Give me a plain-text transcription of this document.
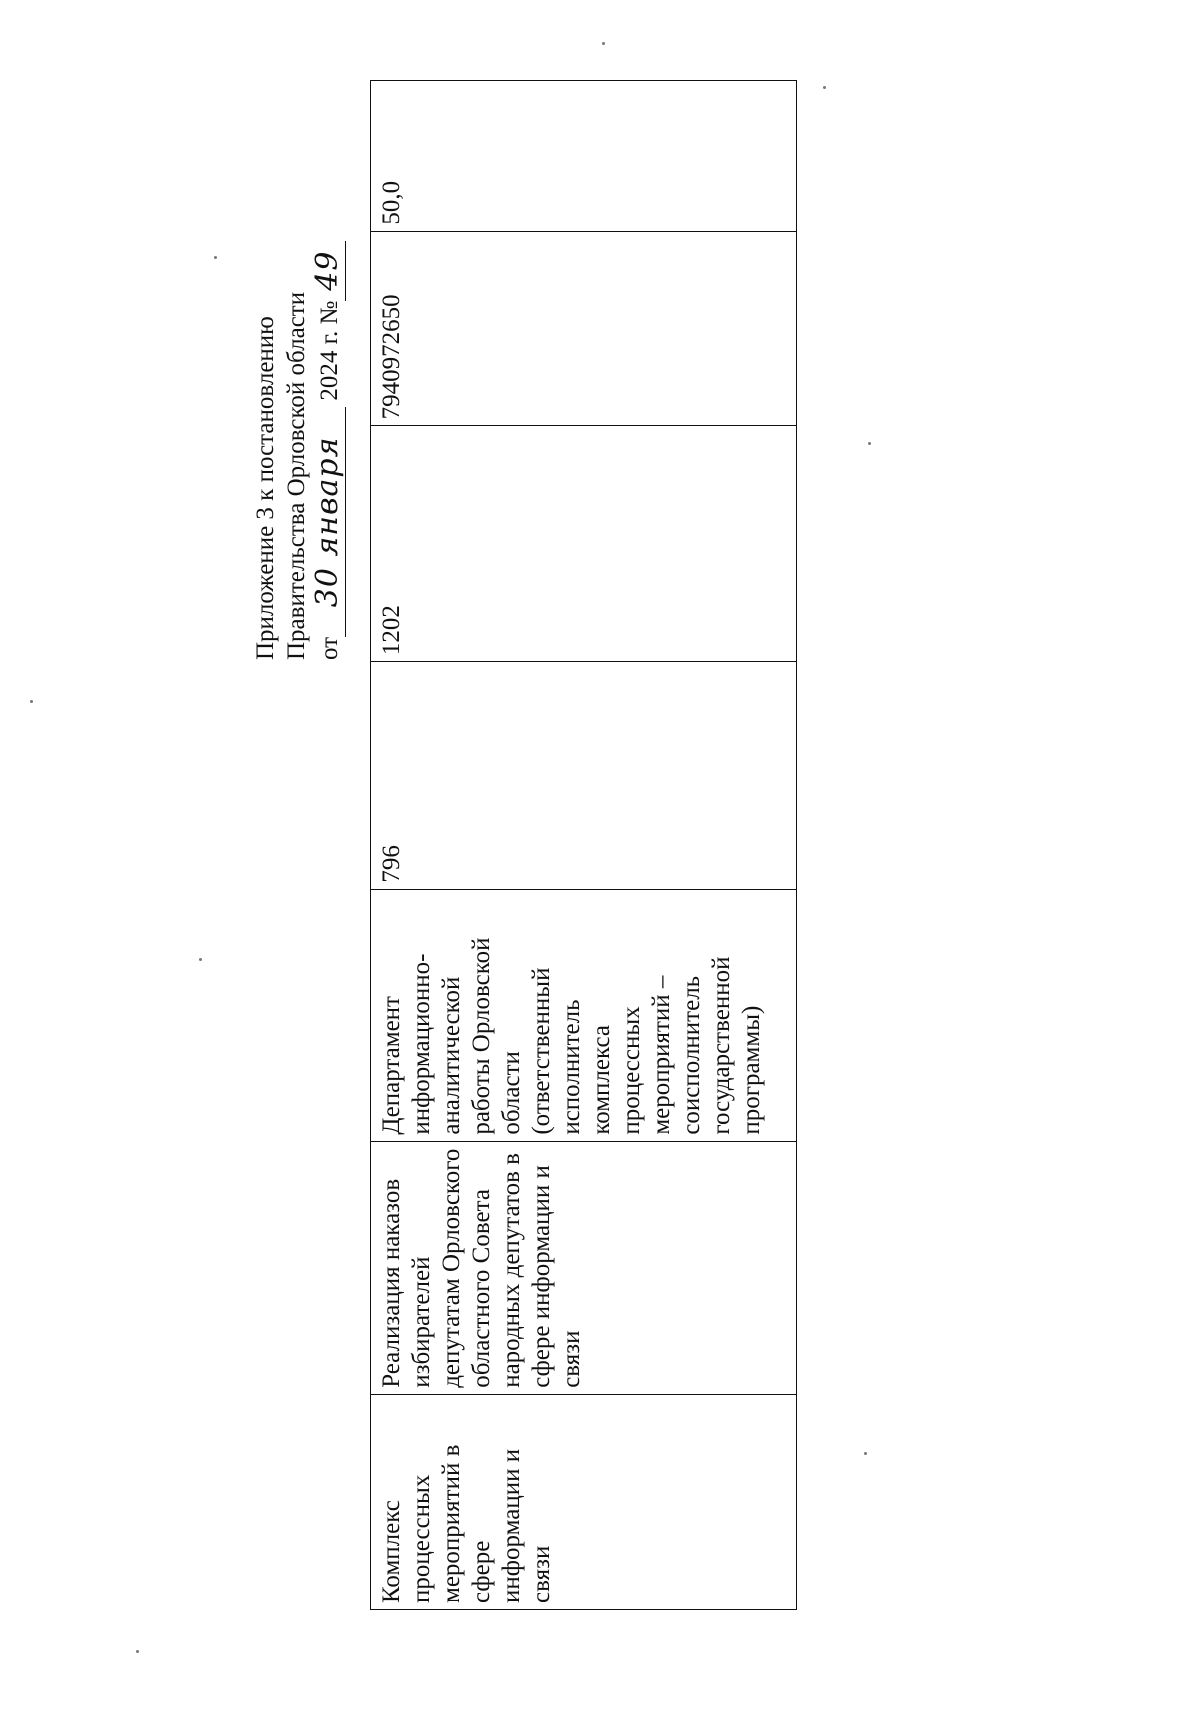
Приложение 3 к постановлению Правительства Орловской области от30 января 2024 г. №49
Комплекс процессных мероприятий в сфере информации и связи	Реализация наказов избирателей депутатам Орловского областного Совета народных депутатов в сфере информации и связи	Департамент информационно-аналитической работы Орловской области (ответственный исполнитель комплекса процессных мероприятий – соисполнитель государственной программы)	796	1202	7940972650	50,0
